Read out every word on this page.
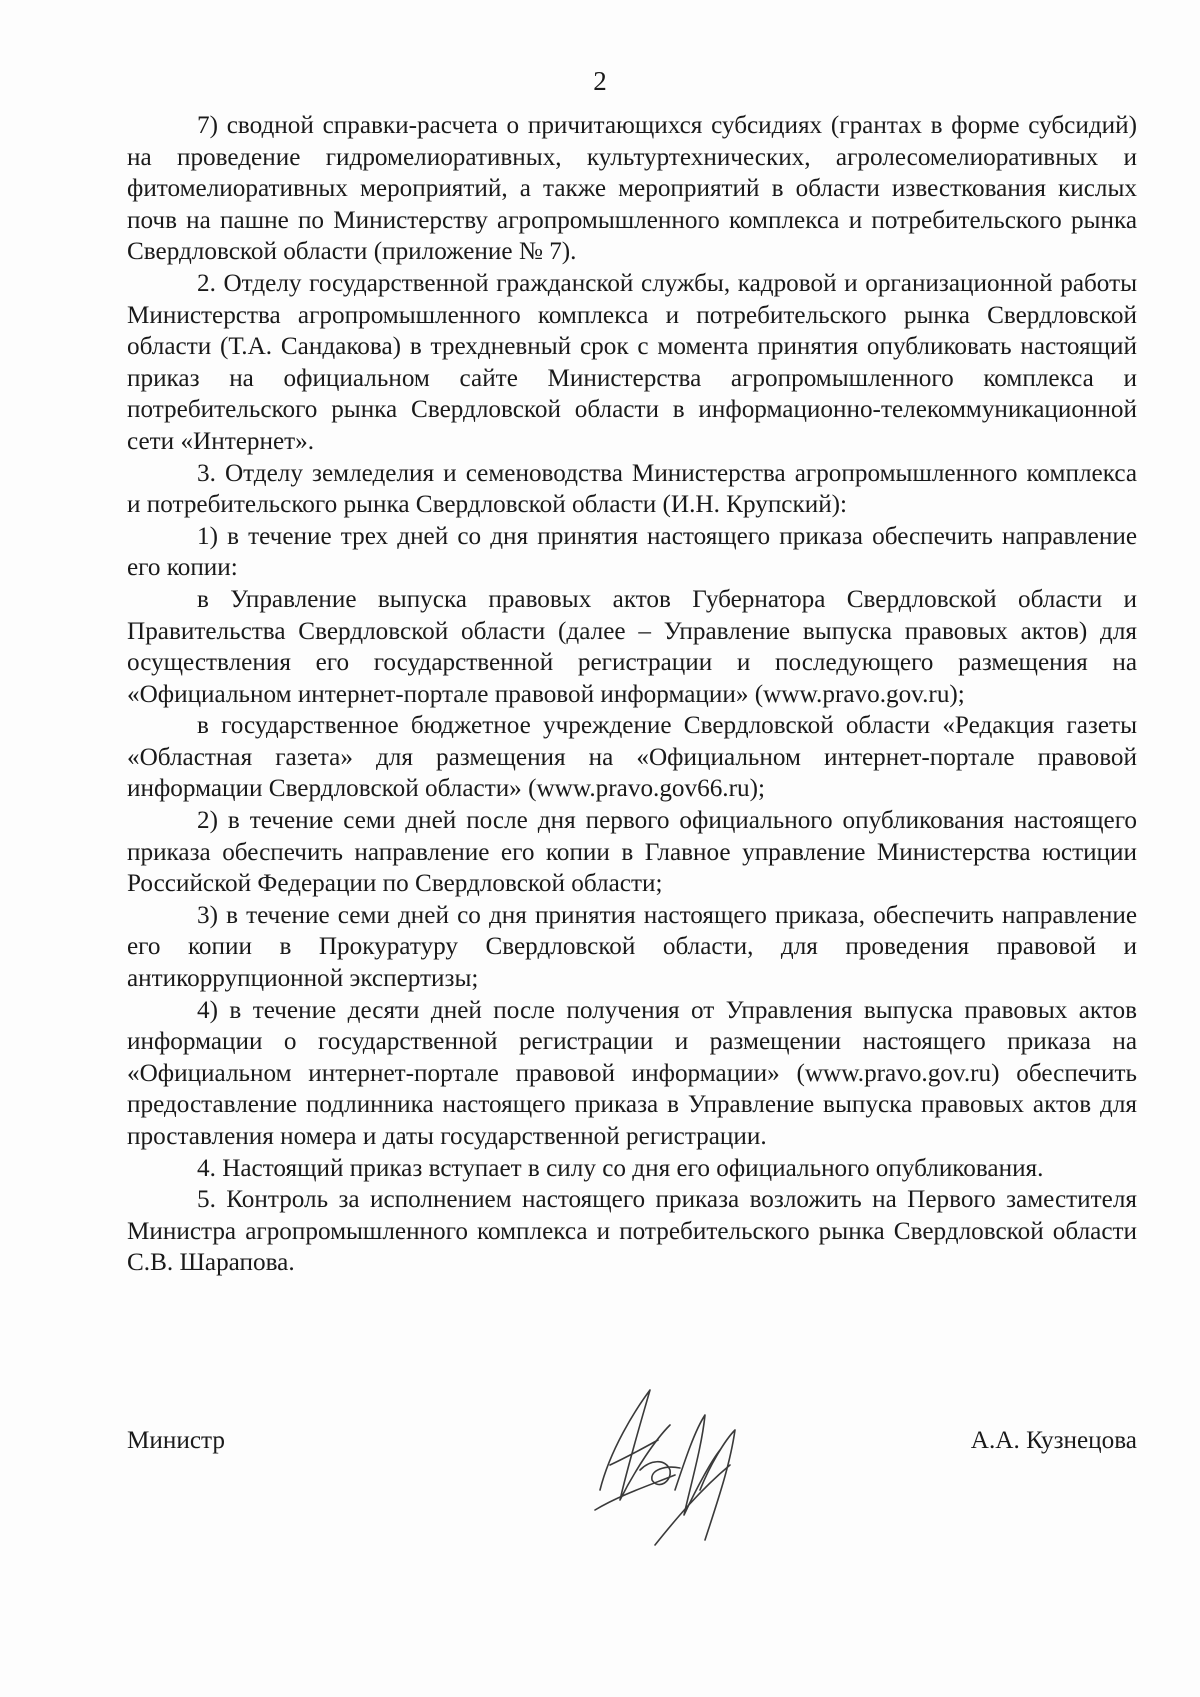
2

7) сводной справки-расчета о причитающихся субсидиях (грантах в форме субсидий) на проведение гидромелиоративных, культуртехнических, агролесомелиоративных и фитомелиоративных мероприятий, а также мероприятий в области известкования кислых почв на пашне по Министерству агропромышленного комплекса и потребительского рынка Свердловской области (приложение № 7).

2. Отделу государственной гражданской службы, кадровой и организационной работы Министерства агропромышленного комплекса и потребительского рынка Свердловской области (Т.А. Сандакова) в трехдневный срок с момента принятия опубликовать настоящий приказ на официальном сайте Министерства агропромышленного комплекса и потребительского рынка Свердловской области в информационно-телекоммуникационной сети «Интернет».

3. Отделу земледелия и семеноводства Министерства агропромышленного комплекса и потребительского рынка Свердловской области (И.Н. Крупский):

1) в течение трех дней со дня принятия настоящего приказа обеспечить направление его копии:

в Управление выпуска правовых актов Губернатора Свердловской области и Правительства Свердловской области (далее – Управление выпуска правовых актов) для осуществления его государственной регистрации и последующего размещения на «Официальном интернет-портале правовой информации» (www.pravo.gov.ru);

в государственное бюджетное учреждение Свердловской области «Редакция газеты «Областная газета» для размещения на «Официальном интернет-портале правовой информации Свердловской области» (www.pravo.gov66.ru);

2) в течение семи дней после дня первого официального опубликования настоящего приказа обеспечить направление его копии в Главное управление Министерства юстиции Российской Федерации по Свердловской области;

3) в течение семи дней со дня принятия настоящего приказа, обеспечить направление его копии в Прокуратуру Свердловской области, для проведения правовой и антикоррупционной экспертизы;

4) в течение десяти дней после получения от Управления выпуска правовых актов информации о государственной регистрации и размещении настоящего приказа на «Официальном интернет-портале правовой информации» (www.pravo.gov.ru) обеспечить предоставление подлинника настоящего приказа в Управление выпуска правовых актов для проставления номера и даты государственной регистрации.

4. Настоящий приказ вступает в силу со дня его официального опубликования.

5. Контроль за исполнением настоящего приказа возложить на Первого заместителя Министра агропромышленного комплекса и потребительского рынка Свердловской области С.В. Шарапова.

Министр	А.А. Кузнецова
